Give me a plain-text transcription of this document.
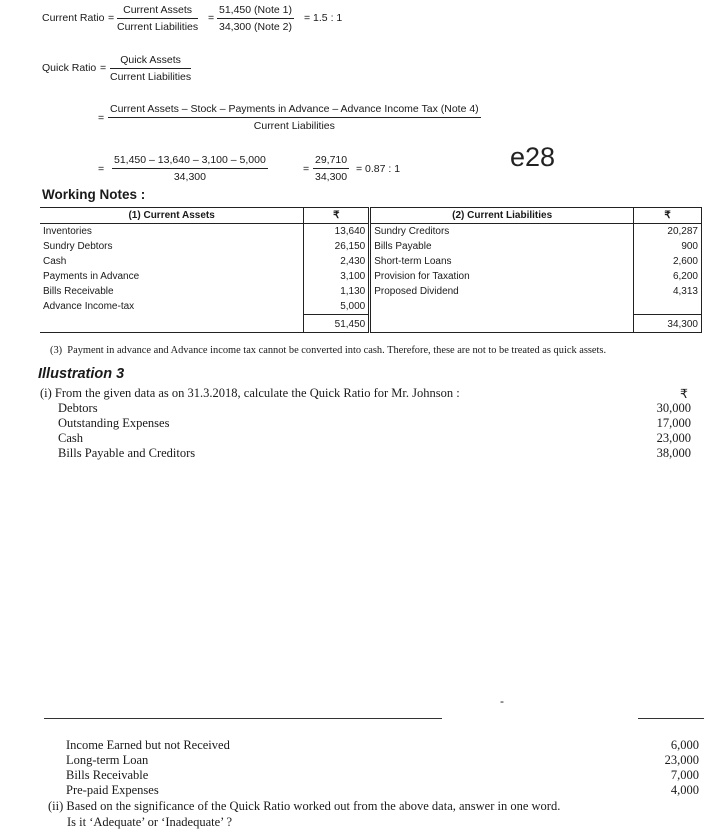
Current Ratio =
Current Assets
Current Liabilities
=
51,450 (Note 1)
34,300 (Note 2)
= 1.5 : 1
Quick Ratio =
Quick Assets
Current Liabilities
=
Current Assets – Stock – Payments in Advance – Advance Income Tax (Note 4)
Current Liabilities
= $\frac{51,450 - 13,640 - 3,100 - 5,000}{34,300}$	= $\frac{29,710}{34,300} = 0.87$ : 1	e28
Working Notes :
(1) Current Assets	₹	(2) Current Liabilities	₹
Inventories	13,640	Sundry Creditors	20,287
Sundry Debtors	26,150	Bills Payable	900
Cash	2,430	Short-term Loans	2,600
Payments in Advance	3,100	Provision for Taxation	6,200
Bills Receivable	1,130	Proposed Dividend	4,313
Advance Income-tax	5,000		
	51,450		34,300
(3)  Payment in advance and Advance income tax cannot be converted into cash. Therefore, these are not to be treated as quick assets.
Illustration 3
(i) From the given data as on 31.3.2018, calculate the Quick Ratio for Mr. Johnson :	₹
Debtors	30,000
Outstanding Expenses	17,000
Cash	23,000
Bills Payable and Creditors	38,000
-
Income Earned but not Received	6,000
Long-term Loan	23,000
Bills Receivable	7,000
Pre-paid Expenses	4,000
(ii) Based on the significance of the Quick Ratio worked out from the above data, answer in one word.
Is it ‘Adequate’ or ‘Inadequate’ ?
